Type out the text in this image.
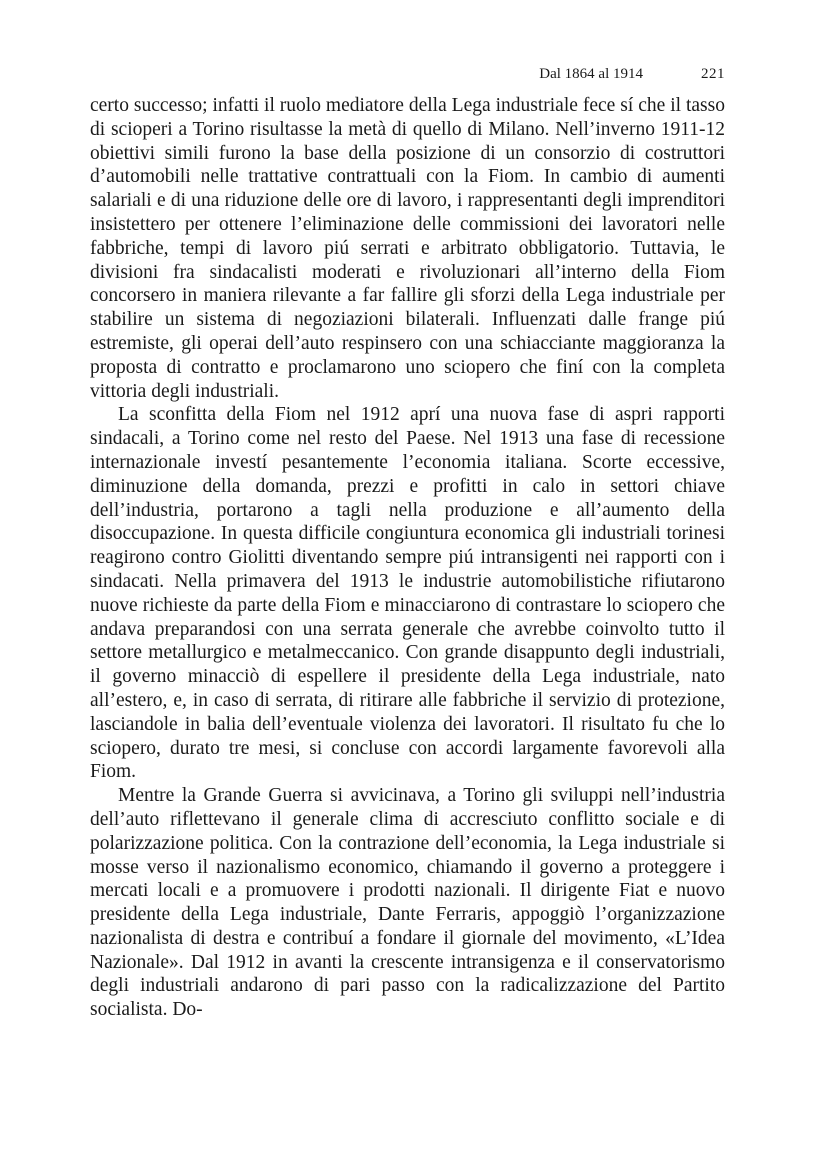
Dal 1864 al 1914	221

certo successo; infatti il ruolo mediatore della Lega industriale fece sí che il tasso di scioperi a Torino risultasse la metà di quello di Milano. Nell’inverno 1911-12 obiettivi simili furono la base della posizione di un consorzio di costruttori d’automobili nelle trattative contrattuali con la Fiom. In cambio di aumenti salariali e di una riduzione delle ore di lavoro, i rappresentanti degli imprenditori insistettero per ottenere l’eliminazione delle commissioni dei lavoratori nelle fabbriche, tempi di lavoro piú serrati e arbitrato obbligatorio. Tuttavia, le divisioni fra sindacalisti moderati e rivoluzionari all’interno della Fiom concorsero in maniera rilevante a far fallire gli sforzi della Lega industriale per stabilire un sistema di negoziazioni bilaterali. Influenzati dalle frange piú estremiste, gli operai dell’auto respinsero con una schiacciante maggioranza la proposta di contratto e proclamarono uno sciopero che finí con la completa vittoria degli industriali.

La sconfitta della Fiom nel 1912 aprí una nuova fase di aspri rapporti sindacali, a Torino come nel resto del Paese. Nel 1913 una fase di recessione internazionale investí pesantemente l’economia italiana. Scorte eccessive, diminuzione della domanda, prezzi e profitti in calo in settori chiave dell’industria, portarono a tagli nella produzione e all’aumento della disoccupazione. In questa difficile congiuntura economica gli industriali torinesi reagirono contro Giolitti diventando sempre piú intransigenti nei rapporti con i sindacati. Nella primavera del 1913 le industrie automobilistiche rifiutarono nuove richieste da parte della Fiom e minacciarono di contrastare lo sciopero che andava preparandosi con una serrata generale che avrebbe coinvolto tutto il settore metallurgico e metalmeccanico. Con grande disappunto degli industriali, il governo minacciò di espellere il presidente della Lega industriale, nato all’estero, e, in caso di serrata, di ritirare alle fabbriche il servizio di protezione, lasciandole in balia dell’eventuale violenza dei lavoratori. Il risultato fu che lo sciopero, durato tre mesi, si concluse con accordi largamente favorevoli alla Fiom.

Mentre la Grande Guerra si avvicinava, a Torino gli sviluppi nell’industria dell’auto riflettevano il generale clima di accresciuto conflitto sociale e di polarizzazione politica. Con la contrazione dell’economia, la Lega industriale si mosse verso il nazionalismo economico, chiamando il governo a proteggere i mercati locali e a promuovere i prodotti nazionali. Il dirigente Fiat e nuovo presidente della Lega industriale, Dante Ferraris, appoggiò l’organizzazione nazionalista di destra e contribuí a fondare il giornale del movimento, «L’Idea Nazionale». Dal 1912 in avanti la crescente intransigenza e il conservatorismo degli industriali andarono di pari passo con la radicalizzazione del Partito socialista. Do-
